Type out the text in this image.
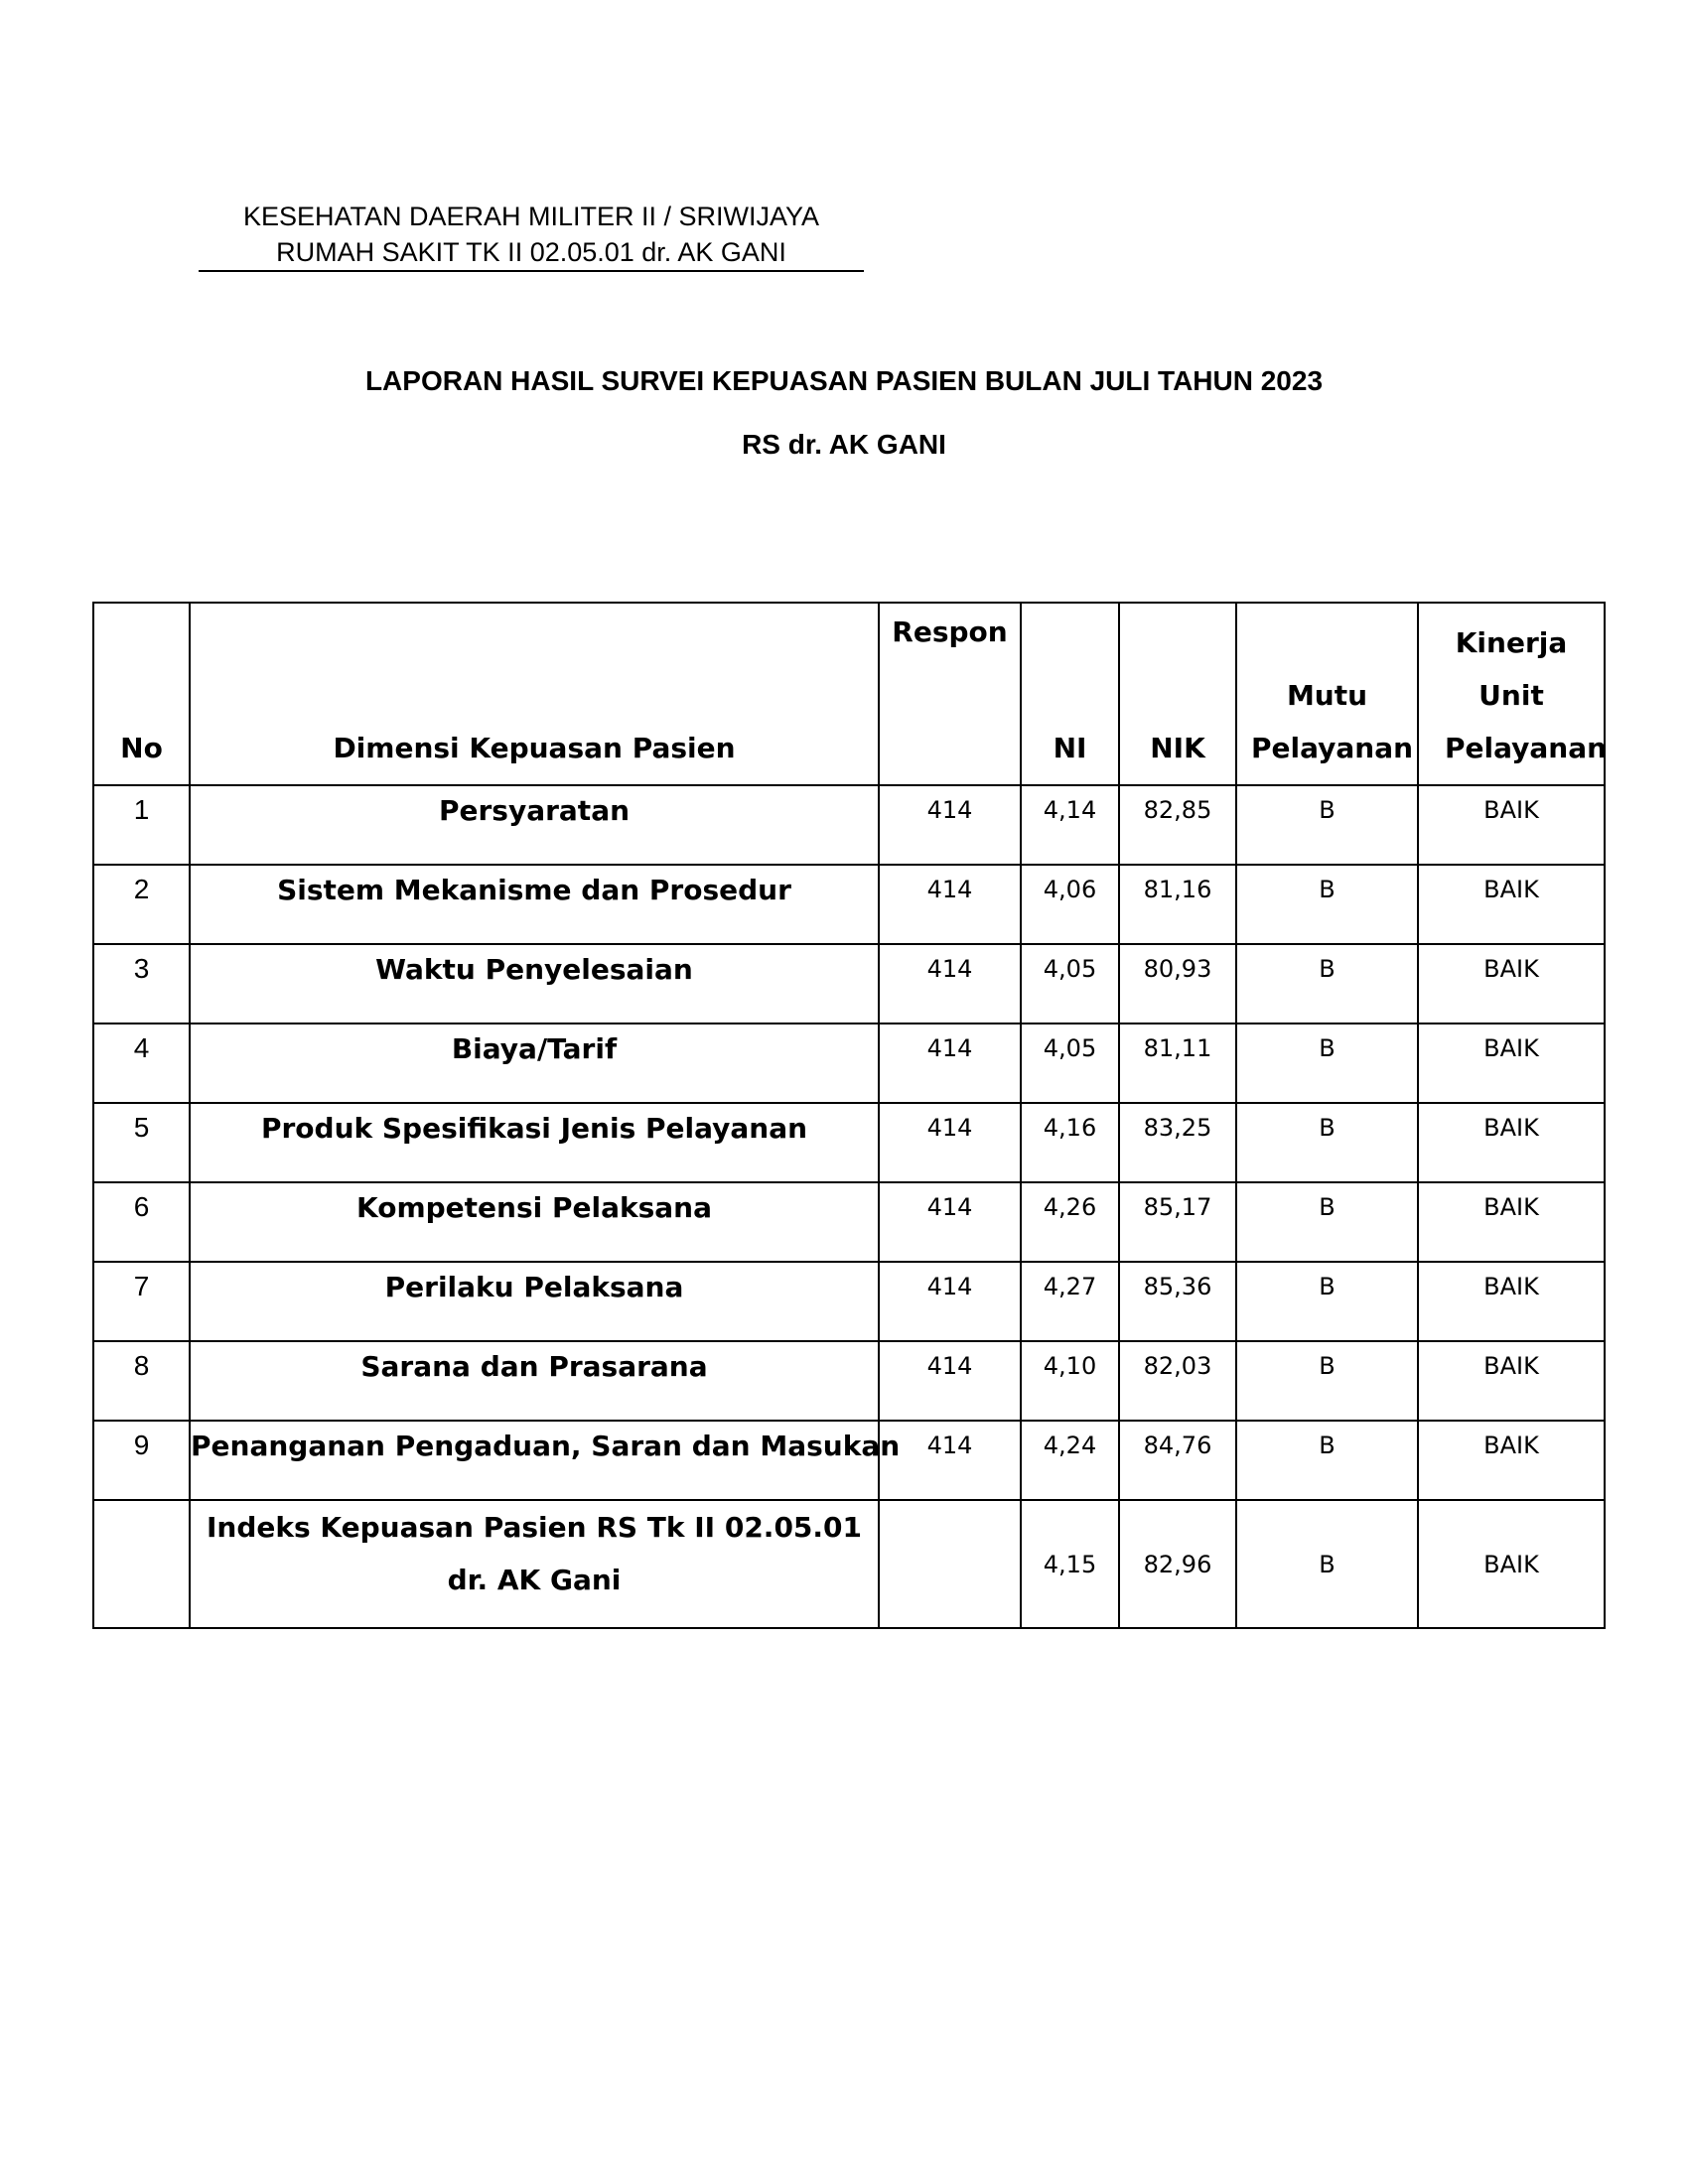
KESEHATAN DAERAH MILITER II / SRIWIJAYA
RUMAH SAKIT TK II 02.05.01 dr. AK GANI
LAPORAN HASIL SURVEI KEPUASAN PASIEN BULAN JULI TAHUN 2023
RS dr. AK GANI
No	Dimensi Kepuasan Pasien	Respon	NI	NIK	Mutu Pelayanan	Kinerja Unit Pelayanan
1	Persyaratan	414	4,14	82,85	B	BAIK
2	Sistem Mekanisme dan Prosedur	414	4,06	81,16	B	BAIK
3	Waktu Penyelesaian	414	4,05	80,93	B	BAIK
4	Biaya/Tarif	414	4,05	81,11	B	BAIK
5	Produk Spesifikasi Jenis Pelayanan	414	4,16	83,25	B	BAIK
6	Kompetensi Pelaksana	414	4,26	85,17	B	BAIK
7	Perilaku Pelaksana	414	4,27	85,36	B	BAIK
8	Sarana dan Prasarana	414	4,10	82,03	B	BAIK
9	Penanganan Pengaduan, Saran dan Masukan	414	4,24	84,76	B	BAIK
	Indeks Kepuasan Pasien RS Tk II 02.05.01 dr. AK Gani		4,15	82,96	B	BAIK
